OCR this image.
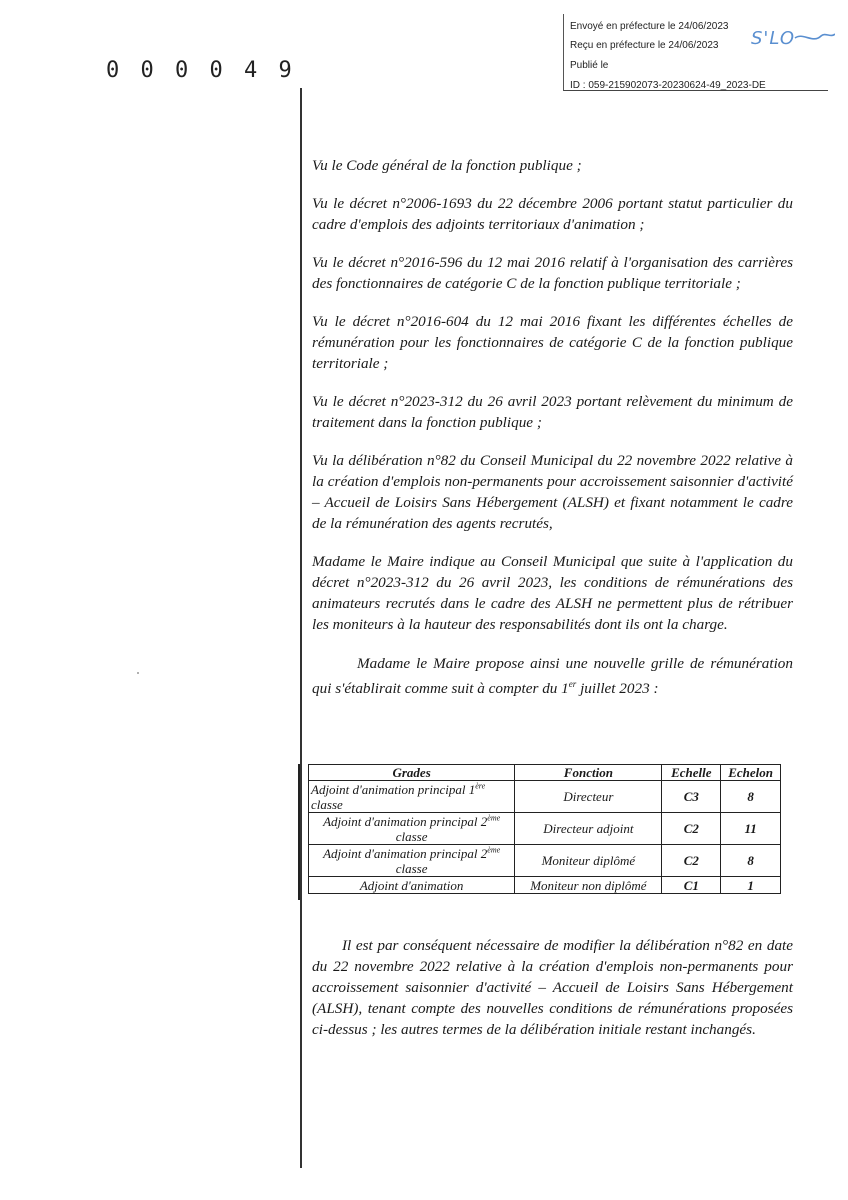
0 0 0 0 4 9
Envoyé en préfecture le 24/06/2023
Reçu en préfecture le 24/06/2023
Publié le
ID : 059-215902073-20230624-49_2023-DE
S'LO

Vu le Code général de la fonction publique ;

Vu le décret n°2006-1693 du 22 décembre 2006 portant statut particulier du cadre d'emplois des adjoints territoriaux d'animation ;

Vu le décret n°2016-596 du 12 mai 2016 relatif à l'organisation des carrières des fonctionnaires de catégorie C de la fonction publique territoriale ;

Vu le décret n°2016-604 du 12 mai 2016 fixant les différentes échelles de rémunération pour les fonctionnaires de catégorie C de la fonction publique territoriale ;

Vu le décret n°2023-312 du 26 avril 2023 portant relèvement du minimum de traitement dans la fonction publique ;

Vu la délibération n°82 du Conseil Municipal du 22 novembre 2022 relative à la création d'emplois non-permanents pour accroissement saisonnier d'activité – Accueil de Loisirs Sans Hébergement (ALSH) et fixant notamment le cadre de la rémunération des agents recrutés,

Madame le Maire indique au Conseil Municipal que suite à l'application du décret n°2023-312 du 26 avril 2023, les conditions de rémunérations des animateurs recrutés dans le cadre des ALSH ne permettent plus de rétribuer les moniteurs à la hauteur des responsabilités dont ils ont la charge.

Madame le Maire propose ainsi une nouvelle grille de rémunération qui s'établirait comme suit à compter du 1er juillet 2023 :

Grades	Fonction	Echelle	Echelon
Adjoint d'animation principal 1ère
classe	Directeur	C3	8
Adjoint d'animation principal 2ème
classe	Directeur adjoint	C2	11
Adjoint d'animation principal 2ème
classe	Moniteur diplômé	C2	8
Adjoint d'animation	Moniteur non diplômé	C1	1

Il est par conséquent nécessaire de modifier la délibération n°82 en date du 22 novembre 2022 relative à la création d'emplois non-permanents pour accroissement saisonnier d'activité – Accueil de Loisirs Sans Hébergement (ALSH), tenant compte des nouvelles conditions de rémunérations proposées ci-dessus ; les autres termes de la délibération initiale restant inchangés.
